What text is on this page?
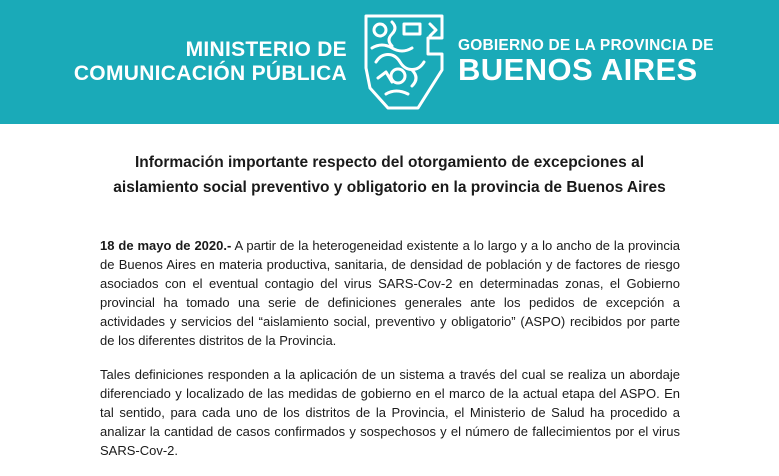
MINISTERIO DE
COMUNICACIÓN PÚBLICA
GOBIERNO DE LA PROVINCIA DE
BUENOS AIRES
Información importante respecto del otorgamiento de excepciones al
aislamiento social preventivo y obligatorio en la provincia de Buenos Aires
18 de mayo de 2020.- A partir de la heterogeneidad existente a lo largo y a lo ancho de la provincia de Buenos Aires en materia productiva, sanitaria, de densidad de población y de factores de riesgo asociados con el eventual contagio del virus SARS-Cov-2 en determinadas zonas, el Gobierno provincial ha tomado una serie de definiciones generales ante los pedidos de excepción a actividades y servicios del “aislamiento social, preventivo y obligatorio” (ASPO) recibidos por parte de los diferentes distritos de la Provincia.
Tales definiciones responden a la aplicación de un sistema a través del cual se realiza un abordaje diferenciado y localizado de las medidas de gobierno en el marco de la actual etapa del ASPO. En tal sentido, para cada uno de los distritos de la Provincia, el Ministerio de Salud ha procedido a analizar la cantidad de casos confirmados y sospechosos y el número de fallecimientos por el virus SARS-Cov-2.
